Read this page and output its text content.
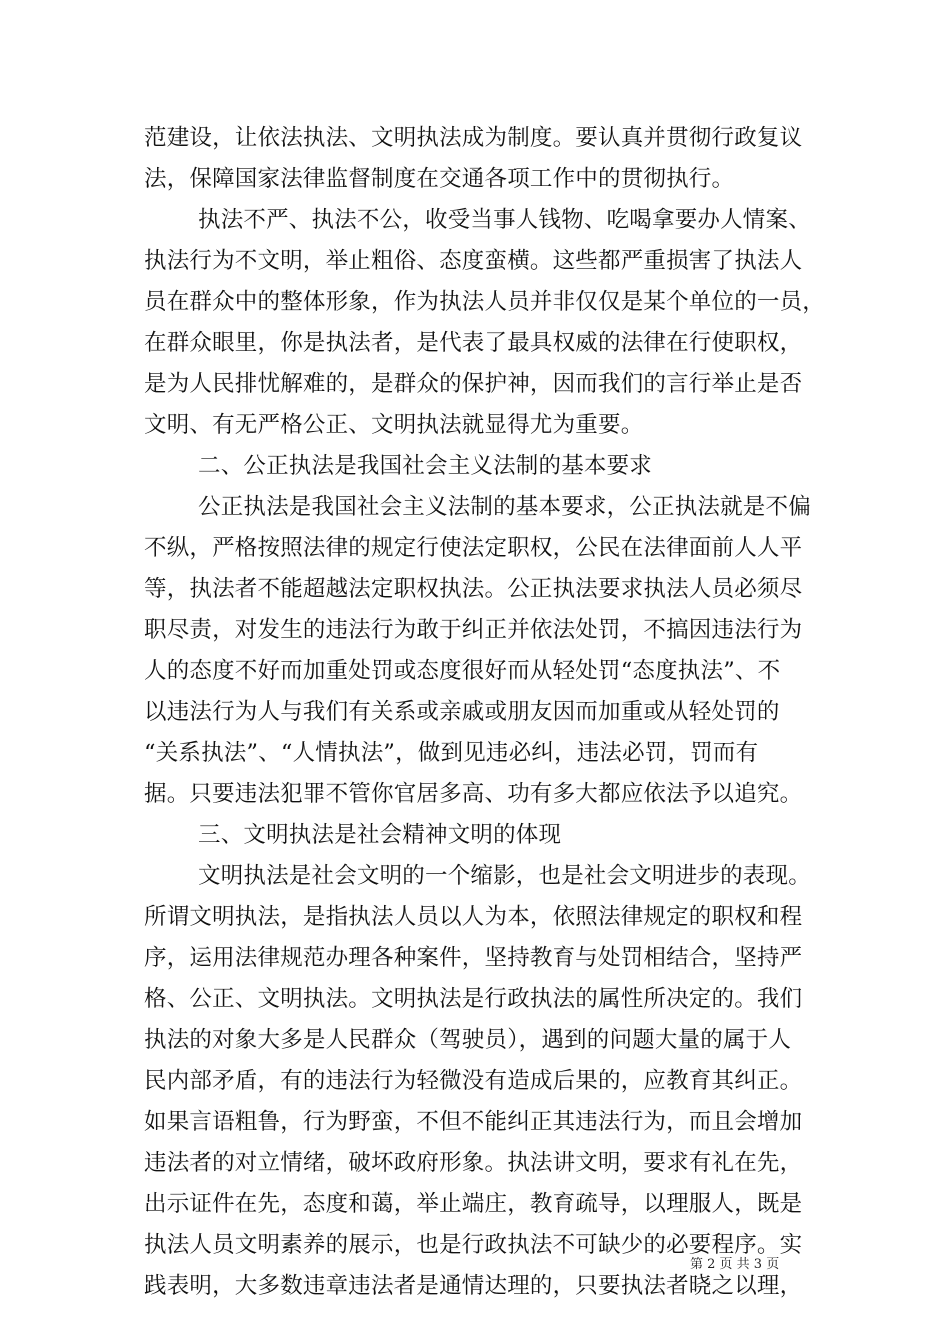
范建设，让依法执法、文明执法成为制度。要认真并贯彻行政复议
法，保障国家法律监督制度在交通各项工作中的贯彻执行。
执法不严、执法不公，收受当事人钱物、吃喝拿要办人情案、
执法行为不文明，举止粗俗、态度蛮横。这些都严重损害了执法人
员在群众中的整体形象，作为执法人员并非仅仅是某个单位的一员，
在群众眼里，你是执法者，是代表了最具权威的法律在行使职权，
是为人民排忧解难的，是群众的保护神，因而我们的言行举止是否
文明、有无严格公正、文明执法就显得尤为重要。
二、公正执法是我国社会主义法制的基本要求
公正执法是我国社会主义法制的基本要求，公正执法就是不偏
不纵，严格按照法律的规定行使法定职权，公民在法律面前人人平
等，执法者不能超越法定职权执法。公正执法要求执法人员必须尽
职尽责，对发生的违法行为敢于纠正并依法处罚，不搞因违法行为
人的态度不好而加重处罚或态度很好而从轻处罚“态度执法”、不
以违法行为人与我们有关系或亲戚或朋友因而加重或从轻处罚的
“关系执法”、“人情执法”，做到见违必纠，违法必罚，罚而有
据。只要违法犯罪不管你官居多高、功有多大都应依法予以追究。
三、文明执法是社会精神文明的体现
文明执法是社会文明的一个缩影，也是社会文明进步的表现。
所谓文明执法，是指执法人员以人为本，依照法律规定的职权和程
序，运用法律规范办理各种案件，坚持教育与处罚相结合，坚持严
格、公正、文明执法。文明执法是行政执法的属性所决定的。我们
执法的对象大多是人民群众（驾驶员），遇到的问题大量的属于人
民内部矛盾，有的违法行为轻微没有造成后果的，应教育其纠正。
如果言语粗鲁，行为野蛮，不但不能纠正其违法行为，而且会增加
违法者的对立情绪，破坏政府形象。执法讲文明，要求有礼在先，
出示证件在先，态度和蔼，举止端庄，教育疏导，以理服人，既是
执法人员文明素养的展示，也是行政执法不可缺少的必要程序。实
践表明，大多数违章违法者是通情达理的，只要执法者晓之以理，
第 2 页 共 3 页
